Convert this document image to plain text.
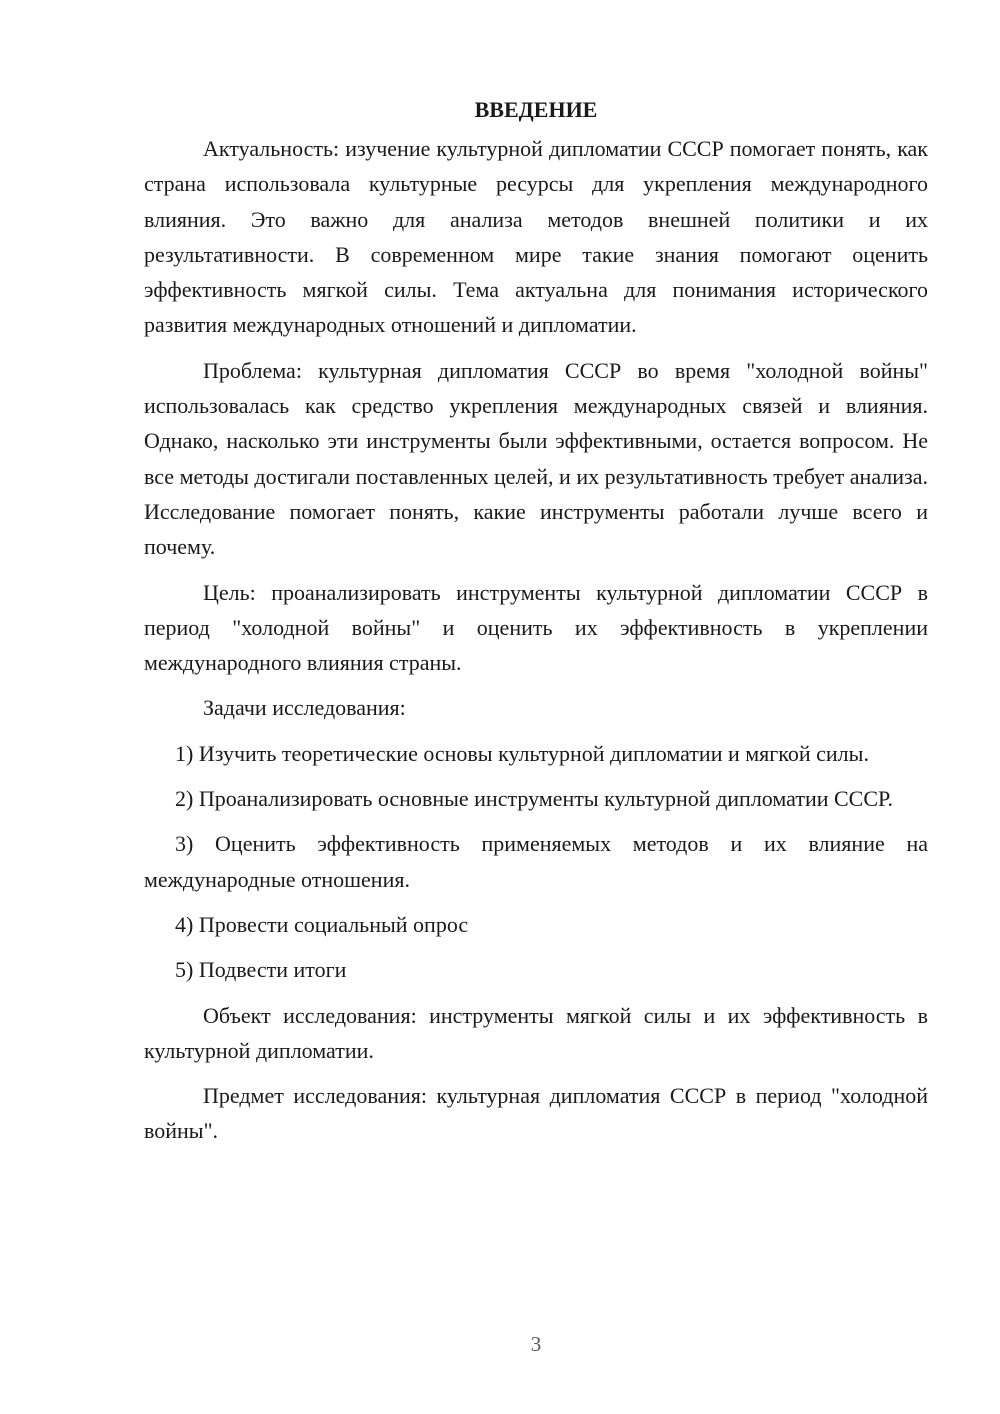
ВВЕДЕНИЕ

Актуальность: изучение культурной дипломатии СССР помогает понять, как страна использовала культурные ресурсы для укрепления международного влияния. Это важно для анализа методов внешней политики и их результативности. В современном мире такие знания помогают оценить эффективность мягкой силы. Тема актуальна для понимания исторического развития международных отношений и дипломатии.

Проблема: культурная дипломатия СССР во время "холодной войны" использовалась как средство укрепления международных связей и влияния. Однако, насколько эти инструменты были эффективными, остается вопросом. Не все методы достигали поставленных целей, и их результативность требует анализа. Исследование помогает понять, какие инструменты работали лучше всего и почему.

Цель: проанализировать инструменты культурной дипломатии СССР в период "холодной войны" и оценить их эффективность в укреплении международного влияния страны.

Задачи исследования:

1) Изучить теоретические основы культурной дипломатии и мягкой силы.

2) Проанализировать основные инструменты культурной дипломатии СССР.

3) Оценить эффективность применяемых методов и их влияние на международные отношения.

4) Провести социальный опрос

5) Подвести итоги

Объект исследования: инструменты мягкой силы и их эффективность в культурной дипломатии.

Предмет исследования: культурная дипломатия СССР в период "холодной войны".

3
